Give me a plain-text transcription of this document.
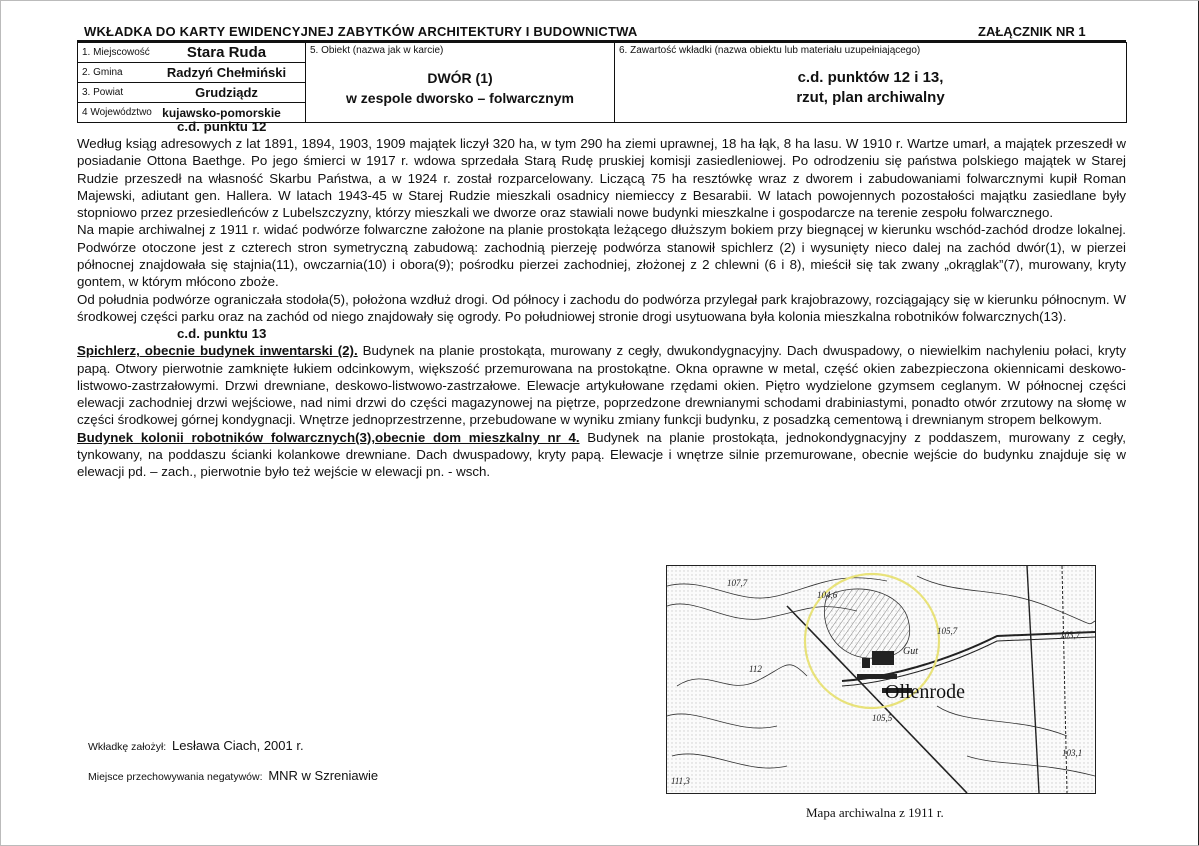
WKŁADKA DO KARTY EWIDENCYJNEJ ZABYTKÓW ARCHITEKTURY I BUDOWNICTWA	ZAŁĄCZNIK NR 1
1. Miejscowość	Stara Ruda
2. Gmina	Radzyń Chełmiński
3. Powiat	Grudziądz
4 Województwo kujawsko-pomorskie

5. Obiekt (nazwa jak w karcie)
DWÓR (1)
w zespole dworsko – folwarcznym

6. Zawartość wkładki (nazwa obiektu lub materiału uzupełniającego)
c.d. punktów 12 i 13,
rzut, plan archiwalny
c.d. punktu 12

Według ksiąg adresowych z lat 1891, 1894, 1903, 1909 majątek liczył 320 ha, w tym 290 ha ziemi uprawnej, 18 ha łąk, 8 ha lasu. W 1910 r. Wartze umarł, a majątek przeszedł w posiadanie Ottona Baethge. Po jego śmierci w 1917 r. wdowa sprzedała Starą Rudę pruskiej komisji zasiedleniowej. Po odrodzeniu się państwa polskiego majątek w Starej Rudzie przeszedł na własność Skarbu Państwa, a w 1924 r. został rozparcelowany. Liczącą 75 ha resztówkę wraz z dworem i zabudowaniami folwarcznymi kupił Roman Majewski, adiutant gen. Hallera. W latach 1943-45 w Starej Rudzie mieszkali osadnicy niemieccy z Besarabii. W latach powojennych pozostałości majątku zasiedlane były stopniowo przez przesiedleńców z Lubelszczyzny, którzy mieszkali we dworze oraz stawiali nowe budynki mieszkalne i gospodarcze na terenie zespołu folwarcznego.

Na mapie archiwalnej z 1911 r. widać podwórze folwarczne założone na planie prostokąta leżącego dłuższym bokiem przy biegnącej w kierunku wschód-zachód drodze lokalnej. Podwórze otoczone jest z czterech stron symetryczną zabudową: zachodnią pierzeję podwórza stanowił spichlerz (2) i wysunięty nieco dalej na zachód dwór(1), w pierzei północnej znajdowała się stajnia(11), owczarnia(10) i obora(9); pośrodku pierzei zachodniej, złożonej z 2 chlewni (6 i 8), mieścił się tak zwany „okrąglak”(7), murowany, kryty gontem, w którym młócono zboże.

Od południa podwórze ograniczała stodoła(5), położona wzdłuż drogi. Od północy i zachodu do podwórza przylegał park krajobrazowy, rozciągający się w kierunku północnym. W środkowej części parku oraz na zachód od niego znajdowały się ogrody. Po południowej stronie drogi usytuowana była kolonia mieszkalna robotników folwarcznych(13).

c.d. punktu 13

Spichlerz, obecnie budynek inwentarski (2). Budynek na planie prostokąta, murowany z cegły, dwukondygnacyjny. Dach dwuspadowy, o niewielkim nachyleniu połaci, kryty papą. Otwory pierwotnie zamknięte łukiem odcinkowym, większość przemurowana na prostokątne. Okna oprawne w metal, część okien zabezpieczona okiennicami deskowo-listwowo-zastrzałowymi. Drzwi drewniane, deskowo-listwowo-zastrzałowe. Elewacje artykułowane rzędami okien. Piętro wydzielone gzymsem ceglanym. W północnej części elewacji zachodniej drzwi wejściowe, nad nimi drzwi do części magazynowej na piętrze, poprzedzone drewnianymi schodami drabiniastymi, ponadto otwór zrzutowy na słomę w części środkowej górnej kondygnacji. Wnętrze jednoprzestrzenne, przebudowane w wyniku zmiany funkcji budynku, z posadzką cementową i drewnianym stropem belkowym.

Budynek kolonii robotników folwarcznych(3),obecnie dom mieszkalny nr 4. Budynek na planie prostokąta, jednokondygnacyjny z poddaszem, murowany z cegły, tynkowany, na poddaszu ścianki kolankowe drewniane. Dach dwuspadowy, kryty papą. Elewacje i wnętrze silnie przemurowane, obecnie wejście do budynku znajduje się w elewacji pd. – zach., pierwotnie było też wejście w elewacji pn. - wsch.

Wkładkę założył: Lesława Ciach, 2001 r.
Miejsce przechowywania negatywów: MNR w Szreniawie
107,7
104,6
105,7	103,7
112
105,5
103,1
111,3
Gut
Ollenrode
Mapa archiwalna z 1911 r.
